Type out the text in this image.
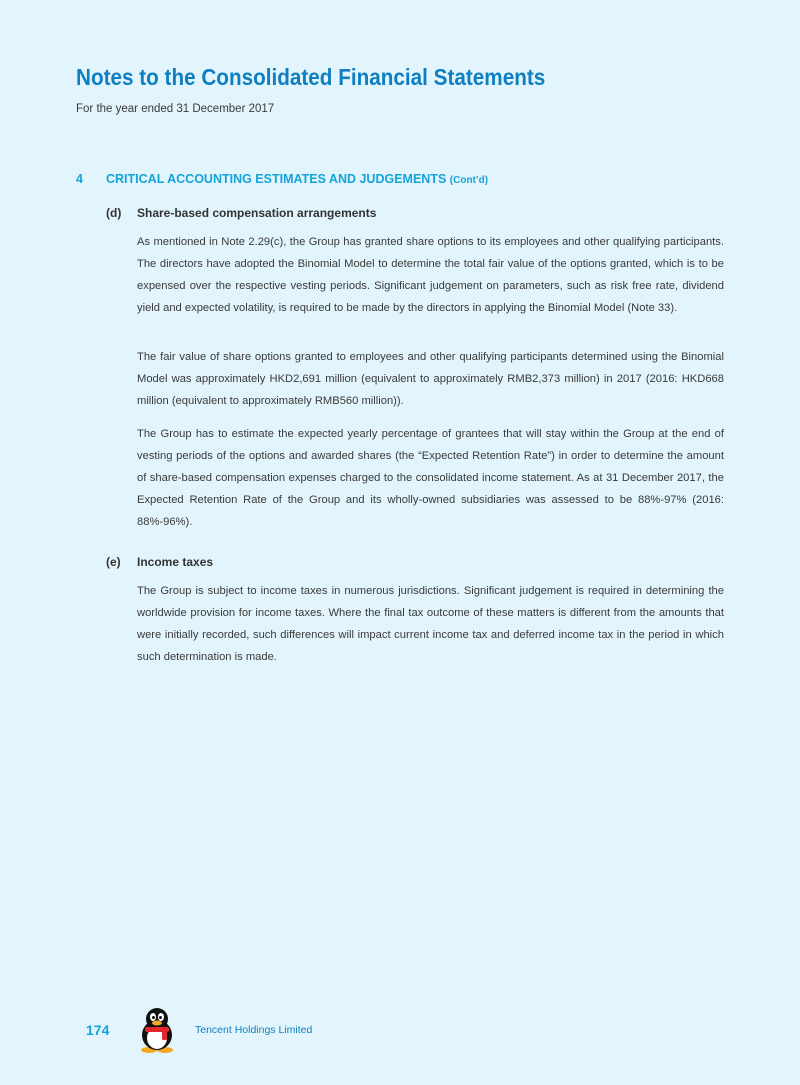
Notes to the Consolidated Financial Statements
For the year ended 31 December 2017
4 CRITICAL ACCOUNTING ESTIMATES AND JUDGEMENTS (Cont’d)
(d) Share-based compensation arrangements

As mentioned in Note 2.29(c), the Group has granted share options to its employees and other qualifying participants. The directors have adopted the Binomial Model to determine the total fair value of the options granted, which is to be expensed over the respective vesting periods. Significant judgement on parameters, such as risk free rate, dividend yield and expected volatility, is required to be made by the directors in applying the Binomial Model (Note 33).

The fair value of share options granted to employees and other qualifying participants determined using the Binomial Model was approximately HKD2,691 million (equivalent to approximately RMB2,373 million) in 2017 (2016: HKD668 million (equivalent to approximately RMB560 million)).

The Group has to estimate the expected yearly percentage of grantees that will stay within the Group at the end of vesting periods of the options and awarded shares (the “Expected Retention Rate”) in order to determine the amount of share-based compensation expenses charged to the consolidated income statement. As at 31 December 2017, the Expected Retention Rate of the Group and its wholly-owned subsidiaries was assessed to be 88%-97% (2016: 88%-96%).

(e) Income taxes

The Group is subject to income taxes in numerous jurisdictions. Significant judgement is required in determining the worldwide provision for income taxes. Where the final tax outcome of these matters is different from the amounts that were initially recorded, such differences will impact current income tax and deferred income tax in the period in which such determination is made.

174	Tencent Holdings Limited
